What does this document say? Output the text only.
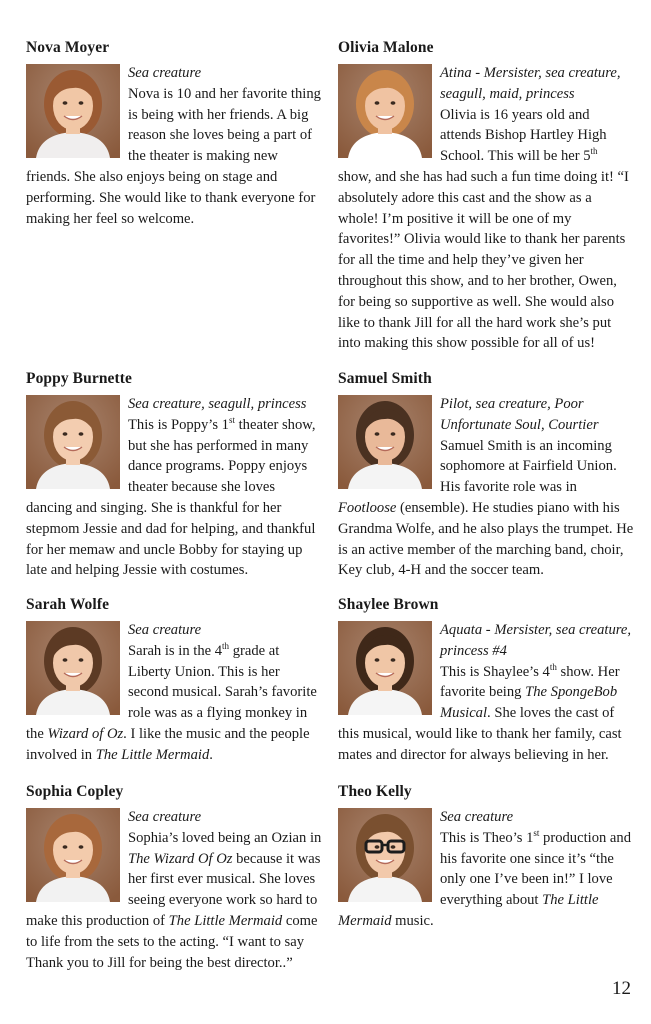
Nova Moyer

Sea creature
Nova is 10 and her favorite thing is being with her friends. A big reason she loves being a part of the theater is making new friends. She also enjoys being on stage and performing. She would like to thank everyone for making her feel so welcome.

Olivia Malone

Atina - Mersister, sea creature, seagull, maid, princess
Olivia is 16 years old and attends Bishop Hartley High School. This will be her 5th show, and she has had such a fun time doing it! “I absolutely adore this cast and the show as a whole! I’m positive it will be one of my favorites!” Olivia would like to thank her parents for all the time and help they’ve given her throughout this show, and to her brother, Owen, for being so supportive as well. She would also like to thank Jill for all the hard work she’s put into making this show possible for all of us!

Poppy Burnette

Sea creature, seagull, princess
This is Poppy’s 1st theater show, but she has performed in many dance programs. Poppy enjoys theater because she loves dancing and singing. She is thankful for her stepmom Jessie and dad for helping, and thankful for her memaw and uncle Bobby for staying up late and helping Jessie with costumes.

Samuel Smith

Pilot, sea creature, Poor Unfortunate Soul, Courtier
Samuel Smith is an incoming sophomore at Fairfield Union. His favorite role was in Footloose (ensemble). He studies piano with his Grandma Wolfe, and he also plays the trumpet. He is an active member of the marching band, choir, Key club, 4-H and the soccer team.

Sarah Wolfe

Sea creature
Sarah is in the 4th grade at Liberty Union. This is her second musical. Sarah’s favorite role was as a flying monkey in the Wizard of Oz. I like the music and the people involved in The Little Mermaid.

Shaylee Brown

Aquata - Mersister, sea creature, princess #4
This is Shaylee’s 4th show. Her favorite being The SpongeBob Musical. She loves the cast of this musical, would like to thank her family, cast mates and director for always believing in her.

Sophia Copley

Sea creature
Sophia’s loved being an Ozian in The Wizard Of Oz because it was her first ever musical. She loves seeing everyone work so hard to make this production of The Little Mermaid come to life from the sets to the acting. “I want to say Thank you to Jill for being the best director..”

Theo Kelly

Sea creature
This is Theo’s 1st production and his favorite one since it’s “the only one I’ve been in!” I love everything about The Little Mermaid music.

12
